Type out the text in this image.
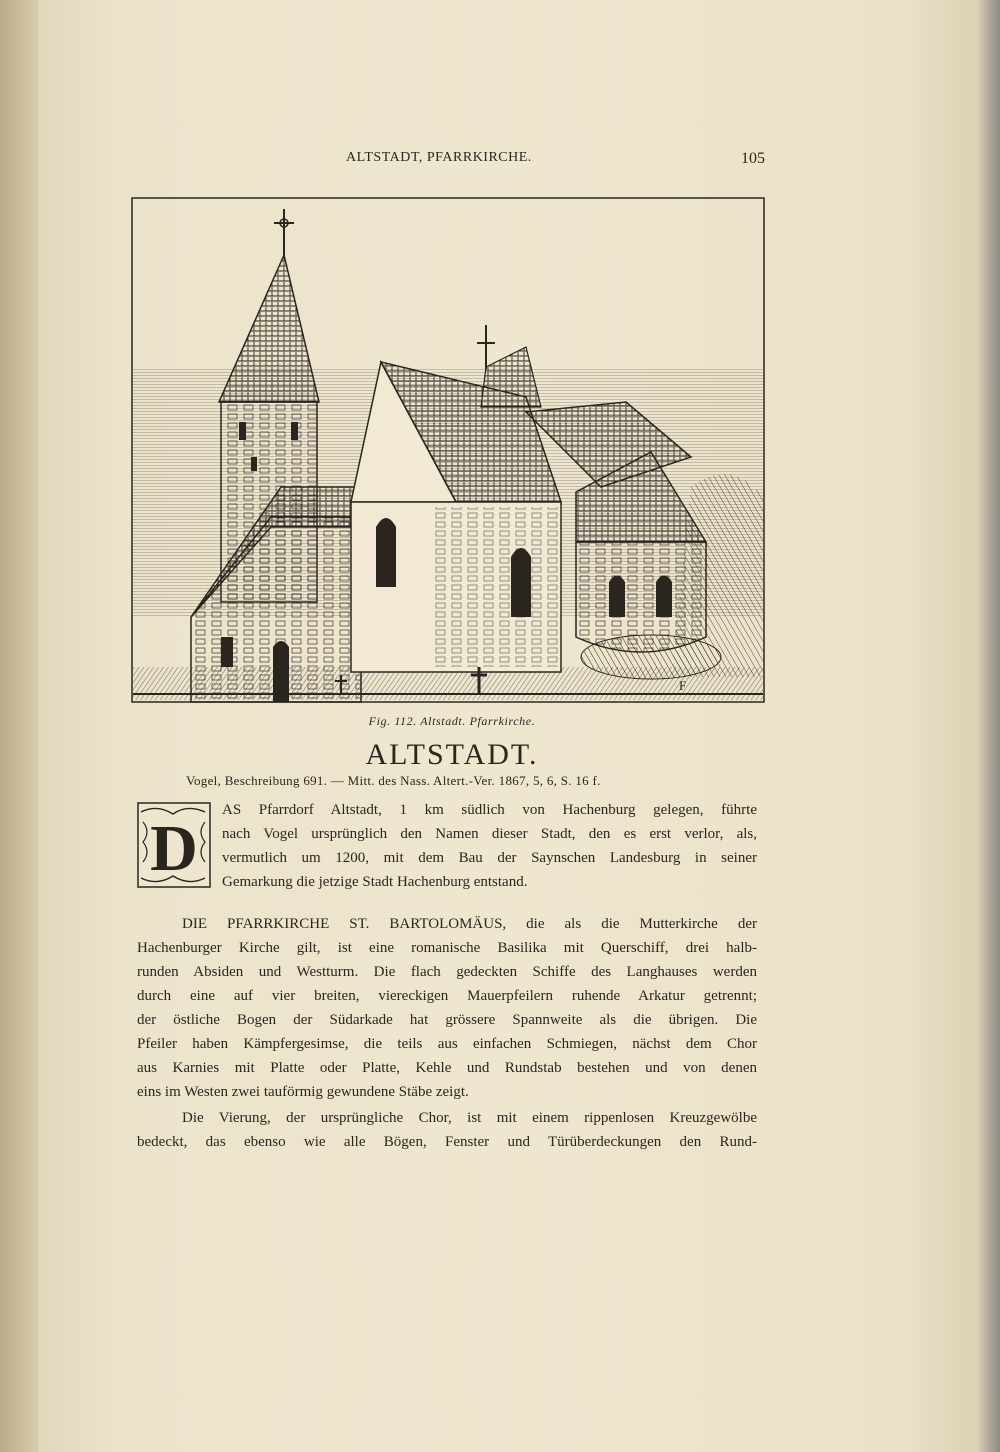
ALTSTADT, PFARRKIRCHE.	105
F
Fig. 112. Altstadt. Pfarrkirche.
ALTSTADT.
Vogel, Beschreibung 691. — Mitt. des Nass. Altert.-Ver. 1867, 5, 6, S. 16 f.
D
AS Pfarrdorf Altstadt, 1 km südlich von Hachenburg gelegen, führte
nach Vogel ursprünglich den Namen dieser Stadt, den es erst verlor, als,
vermutlich um 1200, mit dem Bau der Saynschen Landesburg in seiner
Gemarkung die jetzige Stadt Hachenburg entstand.
DIE PFARRKIRCHE ST. BARTOLOMÄUS, die als die Mutterkirche der
Hachenburger Kirche gilt, ist eine romanische Basilika mit Querschiff, drei halb-
runden Absiden und Westturm. Die flach gedeckten Schiffe des Langhauses werden
durch eine auf vier breiten, viereckigen Mauerpfeilern ruhende Arkatur getrennt;
der östliche Bogen der Südarkade hat grössere Spannweite als die übrigen. Die
Pfeiler haben Kämpfergesimse, die teils aus einfachen Schmiegen, nächst dem Chor
aus Karnies mit Platte oder Platte, Kehle und Rundstab bestehen und von denen
eins im Westen zwei tauförmig gewundene Stäbe zeigt.
Die Vierung, der ursprüngliche Chor, ist mit einem rippenlosen Kreuzgewölbe
bedeckt, das ebenso wie alle Bögen, Fenster und Türüberdeckungen den Rund-
